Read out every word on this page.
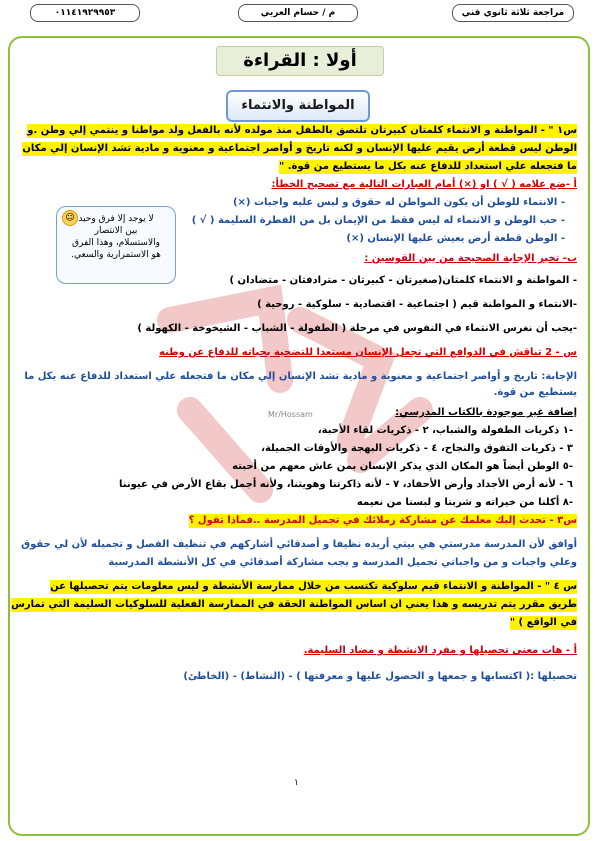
٠١١٤١٩٢٩٩٥٣	م / حسام العربي	مراجعة ثلاثة ثانوي فني
Mr/Hossam
أولا : القراءة
المواطنة والانتماء
لا يوجد إلا فرق وحيد
بين الانتصار
والاستسلام، وهذا الفرق
هو الاستمرارية والسعي.
☺
س١ " - المواطنة و الانتماء كلمتان كبيرتان تلتصق بالطفل منذ مولده لأنه بالفعل ولد مواطنا و ينتمي إلي وطن .و
الوطن ليس قطعة أرض يقيم عليها الإنسان و لكنه تاريخ و أواصر اجتماعية و معنوية و مادية تشد الإنسان إلي مكان
ما فتجعله علي استعداد للدفاع عنه بكل ما يستطيع من قوة. "
أ -ضع علامه ( √ ) او (×) أمام العبارات التالية مع تصحيح الخطأ:
- الانتماء للوطن أن يكون المواطن له حقوق و ليس عليه واجبات (×)
- حب الوطن و الانتماء له ليس فقط من الإيمان بل من الفطرة السليمة ( √ )
- الوطن قطعة أرض يعيش عليها الإنسان (×)
ب- تخير الإجابة الصحيحة من بين القوسين :
- المواطنة و الانتماء كلمتان(صغيرتان - كبيرتان - مترادفتان - متضادان )
-الانتماء و المواطنة قيم ( اجتماعية - اقتصادية - سلوكية - روحية )
-يجب أن نغرس الانتماء في النفوس في مرحلة ( الطفولة - الشباب - الشيخوخة - الكهولة )
س - 2 تناقش في الدوافع التي تجعل الإنسان مستعدا للتضحية بحياته للدفاع عن وطنه
الإجابة: تاريخ و أواصر اجتماعية و معنوية و مادية تشد الإنسان إلي مكان ما فتجعله علي استعداد للدفاع عنه بكل ما
يستطيع من قوة.
إضافة غير موجودة بالكتاب المدرسي:
-١ ذكريات الطفولة والشباب، ٢ - ذكريات لقاء الأحبة،
٣ - ذكريات التفوق والنجاح، ٤ - ذكريات البهجة والأوقات الجميلة،
-٥ الوطن أيضاً هو المكان الذي يذكر الإنسان بمن عاش معهم من أحبته
٦ - لأنه أرض الأجداد وأرض الأحفاد، ٧ - لأنه ذاكرتنا وهويتنا، ولأنه أجمل بقاع الأرض في عيوننا
-٨ أكلنا من خيراته و شربنا و لبسنا من نعيمه
س٣ - تحدث إليك معلمك عن مشاركة زملائك في تجميل المدرسة ..فماذا تقول ؟
أوافق لأن المدرسة مدرستي هي بيتي أريده نظيفا و أصدقائي أشاركهم في تنظيف الفصل و تجميله لأن لي حقوق
وعلي واجبات و من واجباتي تجميل المدرسة و يجب مشاركة أصدقائي في كل الأنشطة المدرسية
س ٤ " - المواطنة و الانتماء قيم سلوكية تكتسب من خلال ممارسة الأنشطة و ليس معلومات يتم تحصيلها عن
طريق مقرر يتم تدريسه و هذا يعني ان اساس المواطنة الحقة في الممارسة الفعلية للسلوكيات السليمة التي تمارس
في الواقع ) "
أ - هات معنى تحصيلها و مفرد الانشطة و مضاد السليمة.
تحصيلها :( اكتسابها و جمعها و الحصول عليها و معرفتها ) - (النشاط) - (الخاطئ)
١
